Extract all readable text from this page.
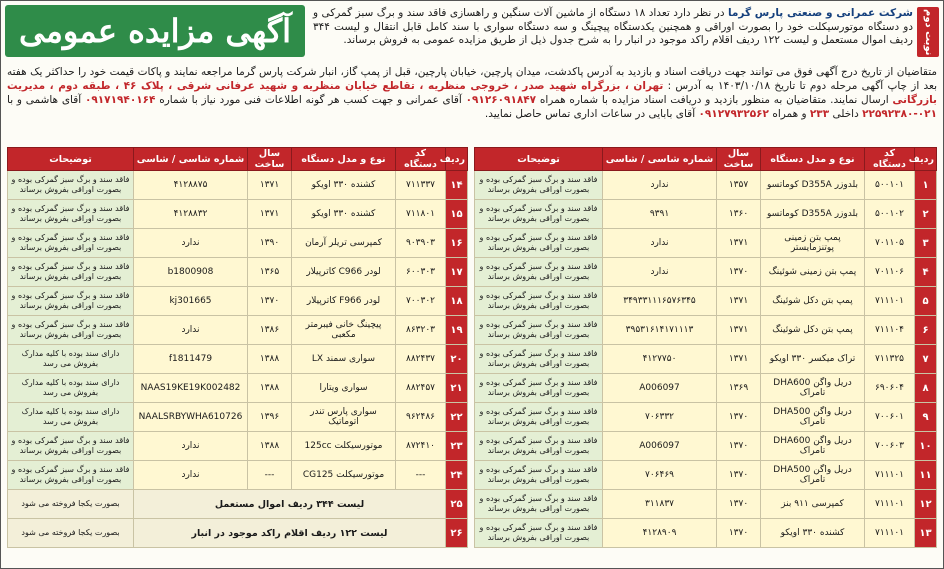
نوبت دوم
شرکت عمرانی و صنعتی پارس گرما در نظر دارد تعداد ۱۸ دستگاه از ماشین آلات سنگین و راهسازی فاقد سند و برگ سبز گمرکی و دو دستگاه موتورسیکلت خود را بصورت اوراقی و همچنین یکدستگاه پیچینگ و سه دستگاه سواری با سند کامل قابل انتقال و لیست ۳۴۴ ردیف اموال مستعمل و لیست ۱۲۲ ردیف اقلام راکد موجود در انبار را به شرح جدول ذیل از طریق مزایده عمومی به فروش برساند.
آگهی مزایده عمومی
متقاضیان از تاریخ درج آگهی فوق می توانند جهت دریافت اسناد و بازدید به آدرس پاکدشت، میدان پارچین، خیابان پارچین، قبل از پمپ گاز، انبار شرکت پارس گرما مراجعه نمایند و پاکات قیمت خود را حداکثر یک هفته بعد از چاپ آگهی مرحله دوم تا تاریخ ۱۴۰۳/۱۰/۱۸ به آدرس : تهران ، بزرگراه شهید صدر ، خروجی منظریه ، تقاطع خیابان منظریه و شهید عرفانی شرقی ، پلاک ۴۶ ، طبقه دوم ، مدیریت بازرگانی ارسال نمایند. متقاضیان به منظور بازدید و دریافت اسناد مزایده با شماره همراه ۰۹۱۲۶۰۹۱۸۴۷ آقای عمرانی و جهت کسب هر گونه اطلاعات فنی مورد نیاز با شماره ۰۹۱۷۱۹۴۰۱۶۴ آقای هاشمی و با ۰۲۱-۲۲۵۹۲۳۸۰ داخلی ۲۳۳ و همراه ۰۹۱۲۷۹۳۲۵۶۲ آقای بابایی در ساعات اداری تماس حاصل نمایید.
ردیف	کد دستگاه	نوع و مدل دستگاه	سال ساخت	شماره شاسی / شاسی	توضیحات
۱	۵۰۰۱۰۱	بلدوزر D355A کوماتسو	۱۳۵۷	ندارد	فاقد سند و برگ سبز گمرکی بوده و بصورت اوراقی بفروش برساند
۲	۵۰۰۱۰۲	بلدوزر D355A کوماتسو	۱۳۶۰	۹۳۹۱	فاقد سند و برگ سبز گمرکی بوده و بصورت اوراقی بفروش برساند
۳	۷۰۱۱۰۵	پمپ بتن زمینی پوتنزمایستر	۱۳۷۱	ندارد	فاقد سند و برگ سبز گمرکی بوده و بصورت اوراقی بفروش برساند
۴	۷۰۱۱۰۶	پمپ بتن زمینی شوئینگ	۱۳۷۰	ندارد	فاقد سند و برگ سبز گمرکی بوده و بصورت اوراقی بفروش برساند
۵	۷۱۱۱۰۱	پمپ بتن دکل شوئینگ	۱۳۷۱	۳۴۹۳۳۱۱۱۶۵۷۶۳۴۵	فاقد سند و برگ سبز گمرکی بوده و بصورت اوراقی بفروش برساند
۶	۷۱۱۱۰۴	پمپ بتن دکل شوئینگ	۱۳۷۱	۳۹۵۳۱۶۱۴۱۷۱۱۱۳	فاقد سند و برگ سبز گمرکی بوده و بصورت اوراقی بفروش برساند
۷	۷۱۱۳۲۵	تراک میکسر ۳۳۰ اویکو	۱۳۷۱	۴۱۲۷۷۵۰	فاقد سند و برگ سبز گمرکی بوده و بصورت اوراقی بفروش برساند
۸	۶۹۰۶۰۴	دریل واگن DHA600 تامراک	۱۳۶۹	A006097	فاقد سند و برگ سبز گمرکی بوده و بصورت اوراقی بفروش برساند
۹	۷۰۰۶۰۱	دریل واگن DHA500 تامراک	۱۳۷۰	۷۰۶۳۳۲	فاقد سند و برگ سبز گمرکی بوده و بصورت اوراقی بفروش برساند
۱۰	۷۰۰۶۰۳	دریل واگن DHA600 تامراک	۱۳۷۰	A006097	فاقد سند و برگ سبز گمرکی بوده و بصورت اوراقی بفروش برساند
۱۱	۷۱۱۱۰۱	دریل واگن DHA500 تامراک	۱۳۷۰	۷۰۶۴۶۹	فاقد سند و برگ سبز گمرکی بوده و بصورت اوراقی بفروش برساند
۱۲	۷۱۱۱۰۱	کمپرسی ۹۱۱ بنز	۱۳۷۰	۳۱۱۸۳۷	فاقد سند و برگ سبز گمرکی بوده و بصورت اوراقی بفروش برساند
۱۳	۷۱۱۱۰۱	کشنده ۳۳۰ اویکو	۱۳۷۰	۴۱۲۸۹۰۹	فاقد سند و برگ سبز گمرکی بوده و بصورت اوراقی بفروش برساند
ردیف	کد دستگاه	نوع و مدل دستگاه	سال ساخت	شماره شاسی / شاسی	توضیحات
۱۴	۷۱۱۳۳۷	کشنده ۳۳۰ اویکو	۱۳۷۱	۴۱۲۸۸۷۵	فاقد سند و برگ سبز گمرکی بوده و بصورت اوراقی بفروش برساند
۱۵	۷۱۱۸۰۱	کشنده ۳۳۰ اویکو	۱۳۷۱	۴۱۲۸۸۳۲	فاقد سند و برگ سبز گمرکی بوده و بصورت اوراقی بفروش برساند
۱۶	۹۰۳۹۰۳	کمپرسی تریلر آرمان	۱۳۹۰	ندارد	فاقد سند و برگ سبز گمرکی بوده و بصورت اوراقی بفروش برساند
۱۷	۶۰۰۳۰۳	لودر C966 کاترپیلار	۱۳۶۵	b1800908	فاقد سند و برگ سبز گمرکی بوده و بصورت اوراقی بفروش برساند
۱۸	۷۰۰۳۰۲	لودر F966 کاترپیلار	۱۳۷۰	kj301665	فاقد سند و برگ سبز گمرکی بوده و بصورت اوراقی بفروش برساند
۱۹	۸۶۳۲۰۳	پیچینگ خانی فیبرمتر مکعبی	۱۳۸۶	ندارد	فاقد سند و برگ سبز گمرکی بوده و بصورت اوراقی بفروش برساند
۲۰	۸۸۲۴۳۷	سواری سمند LX	۱۳۸۸	f1811479	دارای سند بوده با کلیه مدارک بفروش می رسد
۲۱	۸۸۲۴۵۷	سواری ویتارا	۱۳۸۸	NAAS19KE19K002482	دارای سند بوده با کلیه مدارک بفروش می رسد
۲۲	۹۶۲۴۸۶	سواری پارس تندر اتوماتیک	۱۳۹۶	NAALSRBYWHA610726	دارای سند بوده با کلیه مدارک بفروش می رسد
۲۳	۸۷۲۴۱۰	موتورسیکلت 125cc	۱۳۸۸	ندارد	فاقد سند و برگ سبز گمرکی بوده و بصورت اوراقی بفروش برساند
۲۴	---	موتورسیکلت CG125	---	ندارد	فاقد سند و برگ سبز گمرکی بوده و بصورت اوراقی بفروش برساند
۲۵	لیست ۳۴۴ ردیف اموال مستعمل				بصورت یکجا فروخته می شود
۲۶	لیست ۱۲۲ ردیف اقلام راکد موجود در انبار				بصورت یکجا فروخته می شود
